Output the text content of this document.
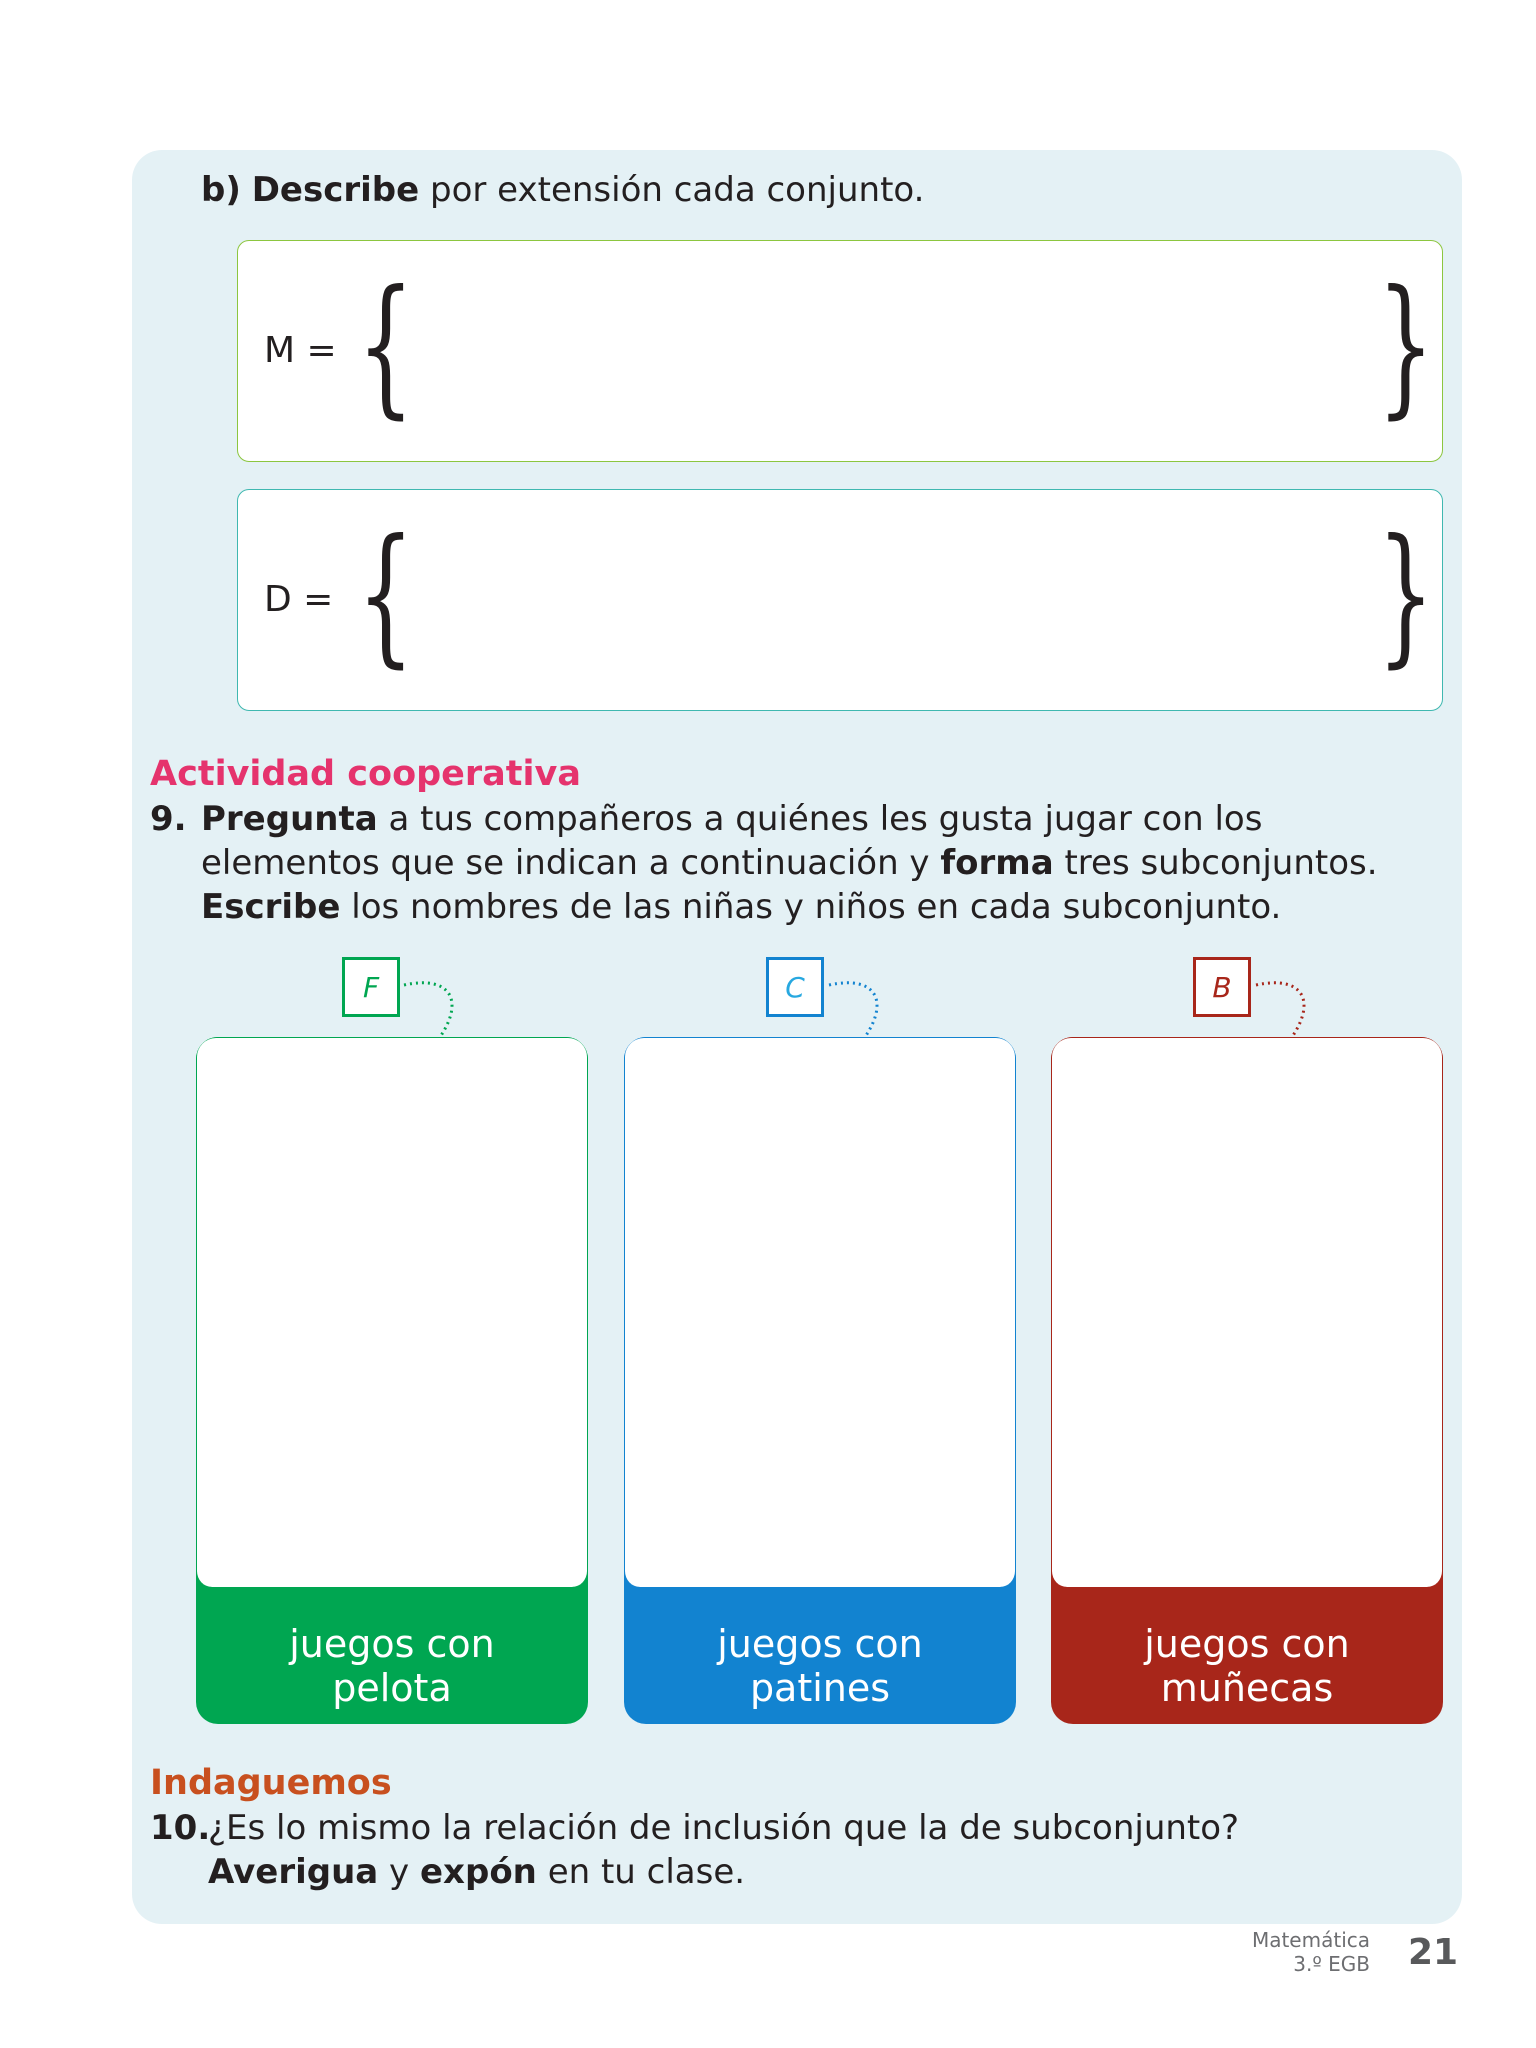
b) Describe por extensión cada conjunto.
M = {	}
D = {	}
Actividad cooperativa
9. Pregunta a tus compañeros a quiénes les gusta jugar con los
elementos que se indican a continuación y forma tres subconjuntos.
Escribe los nombres de las niñas y niños en cada subconjunto.
F	C	B
juegos con
pelota
juegos con
patines
juegos con
muñecas
Indaguemos
10.
¿Es lo mismo la relación de inclusión que la de subconjunto?
Averigua y expón en tu clase.
Matemática
3.º EGB 21
